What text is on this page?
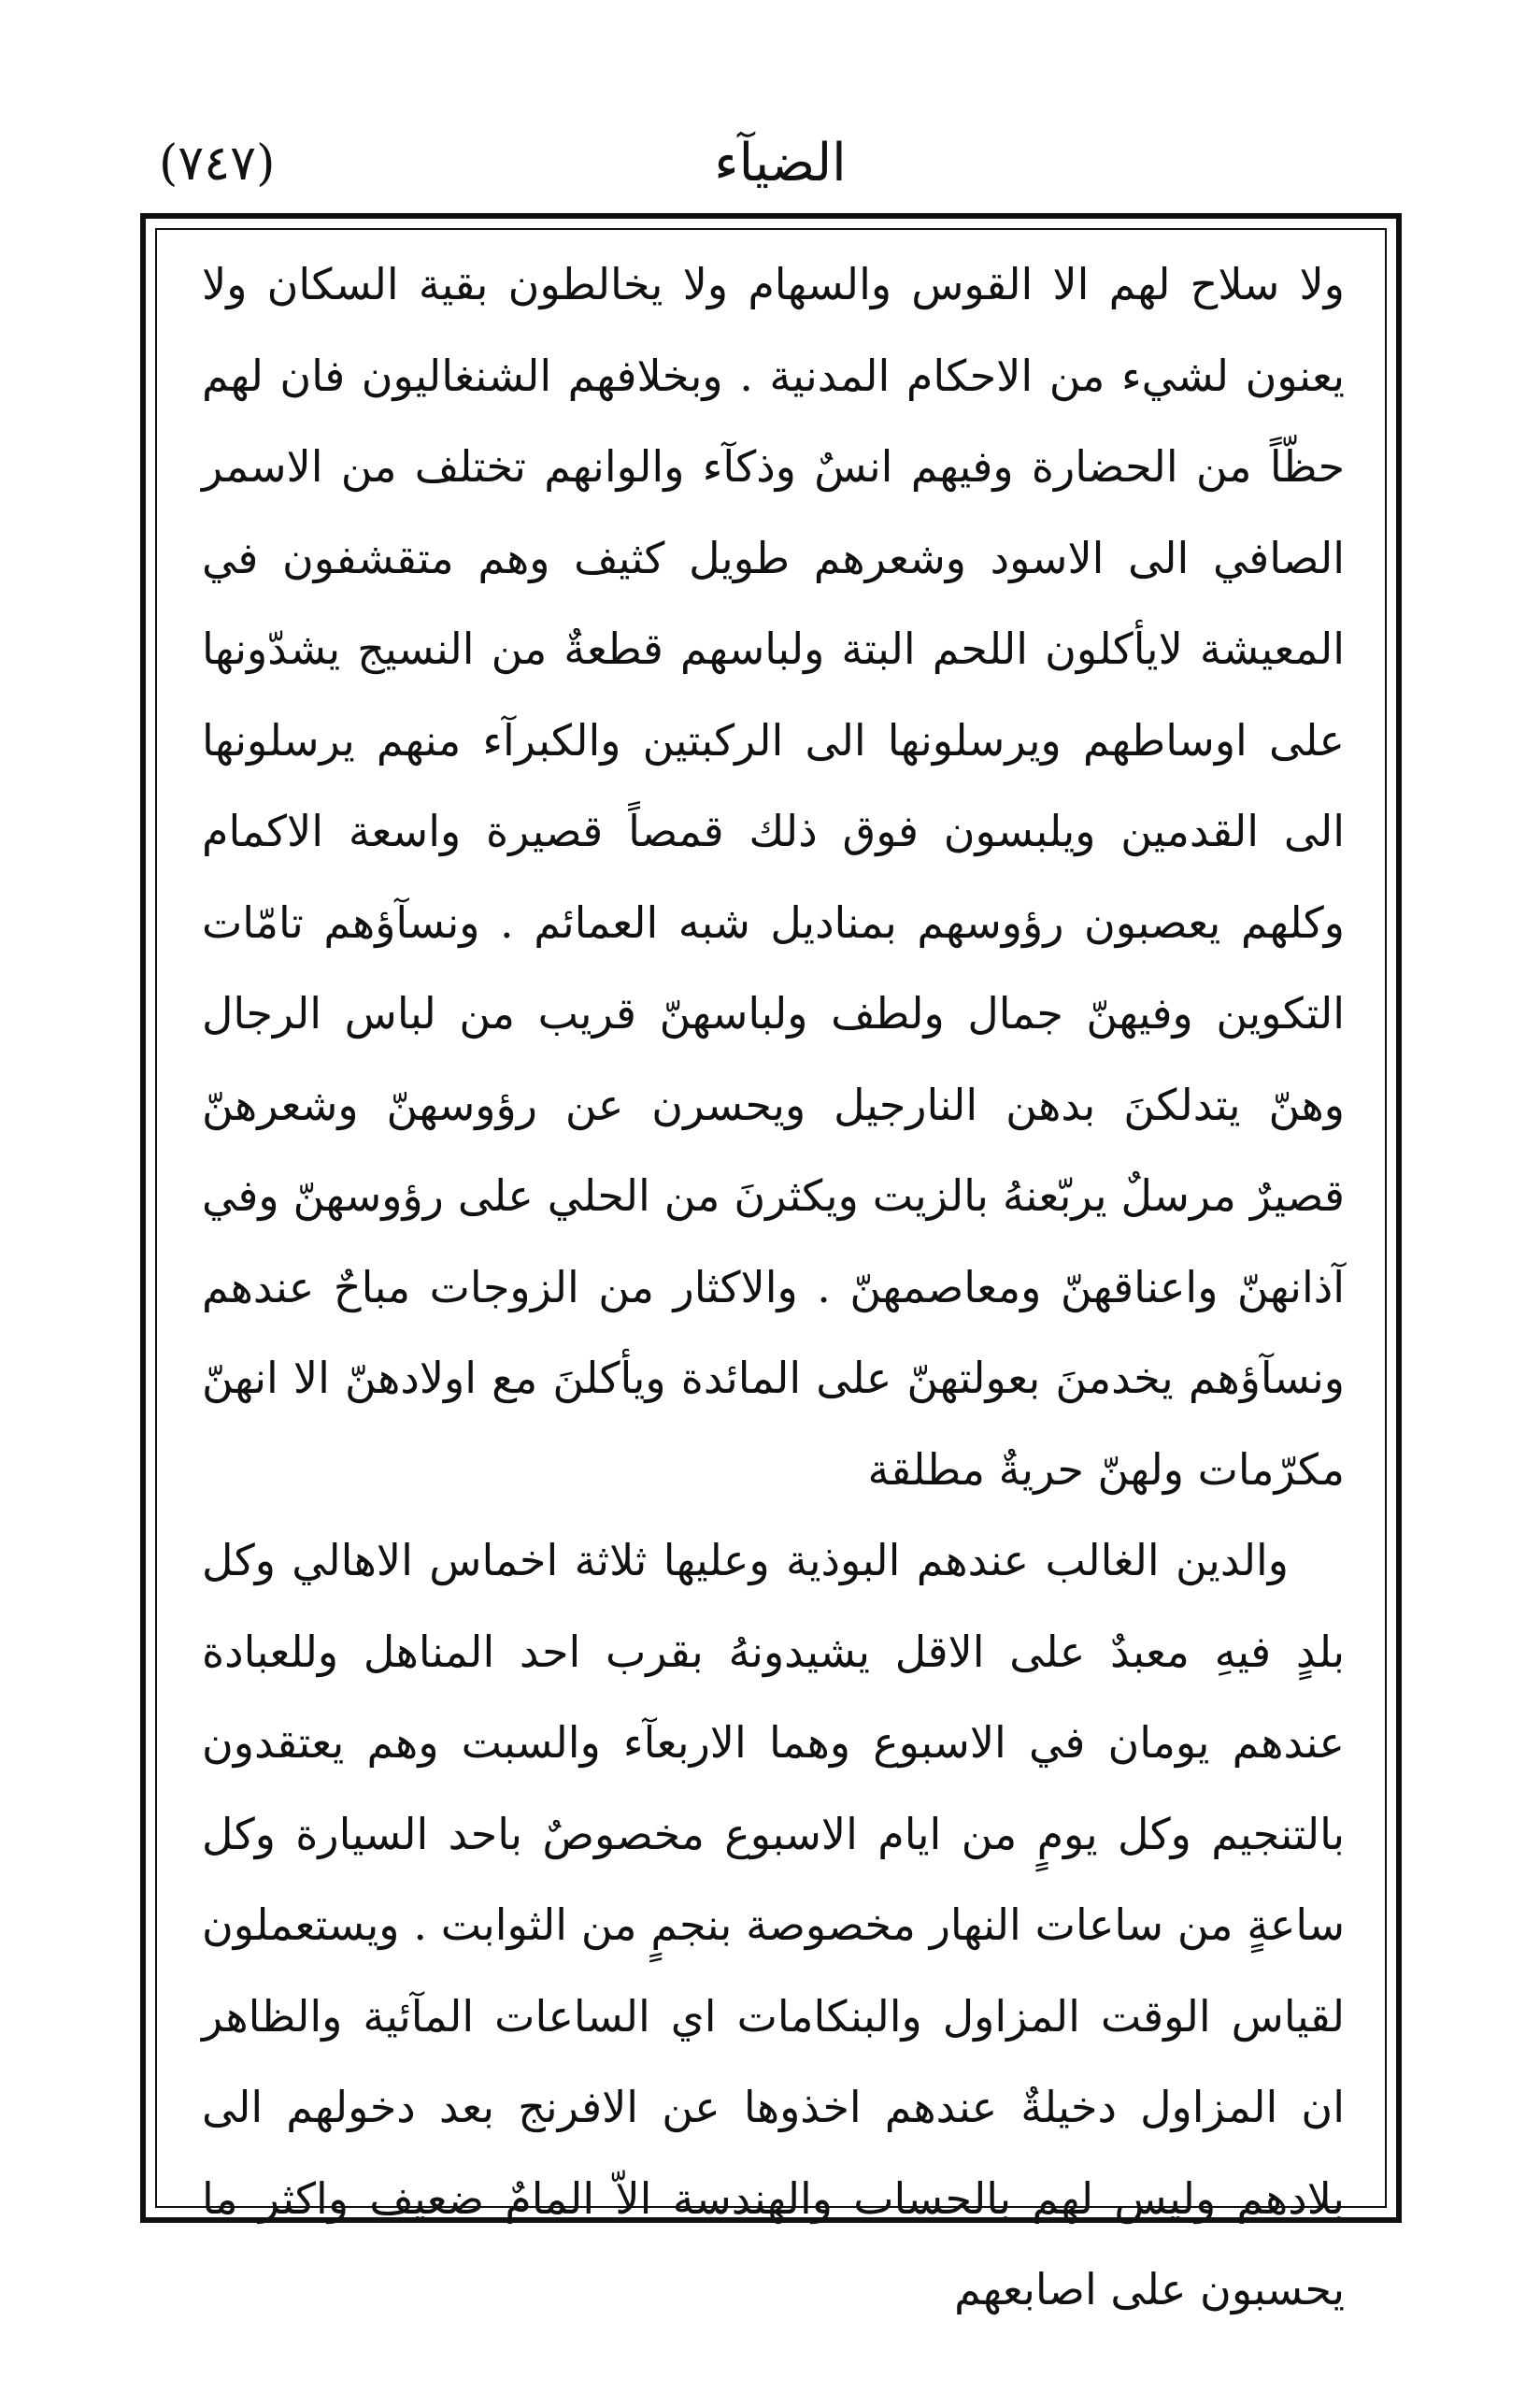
(٧٤٧)	الضيآء

ولا سلاح لهم الا القوس والسهام ولا يخالطون بقية السكان ولا يعنون لشيء من الاحكام المدنية . وبخلافهم الشنغاليون فان لهم حظّاً من الحضارة وفيهم انسٌ وذكآء والوانهم تختلف من الاسمر الصافي الى الاسود وشعرهم طويل كثيف وهم متقشفون في المعيشة لايأكلون اللحم البتة ولباسهم قطعةٌ من النسيج يشدّونها على اوساطهم ويرسلونها الى الركبتين والكبرآء منهم يرسلونها الى القدمين ويلبسون فوق ذلك قمصاً قصيرة واسعة الاكمام وكلهم يعصبون رؤوسهم بمناديل شبه العمائم . ونسآؤهم تامّات التكوين وفيهنّ جمال ولطف ولباسهنّ قريب من لباس الرجال وهنّ يتدلكنَ بدهن النارجيل ويحسرن عن رؤوسهنّ وشعرهنّ قصيرٌ مرسلٌ يربّعنهُ بالزيت ويكثرنَ من الحلي على رؤوسهنّ وفي آذانهنّ واعناقهنّ ومعاصمهنّ . والاكثار من الزوجات مباحٌ عندهم ونسآؤهم يخدمنَ بعولتهنّ على المائدة ويأكلنَ مع اولادهنّ الا انهنّ مكرّمات ولهنّ حريةٌ مطلقة

والدين الغالب عندهم البوذية وعليها ثلاثة اخماس الاهالي وكل بلدٍ فيهِ معبدٌ على الاقل يشيدونهُ بقرب احد المناهل وللعبادة عندهم يومان في الاسبوع وهما الاربعآء والسبت وهم يعتقدون بالتنجيم وكل يومٍ من ايام الاسبوع مخصوصٌ باحد السيارة وكل ساعةٍ من ساعات النهار مخصوصة بنجمٍ من الثوابت . ويستعملون لقياس الوقت المزاول والبنكامات اي الساعات المآئية والظاهر ان المزاول دخيلةٌ عندهم اخذوها عن الافرنج بعد دخولهم الى بلادهم وليس لهم بالحساب والهندسة الاّ المامٌ ضعيف واكثر ما يحسبون على اصابعهم
